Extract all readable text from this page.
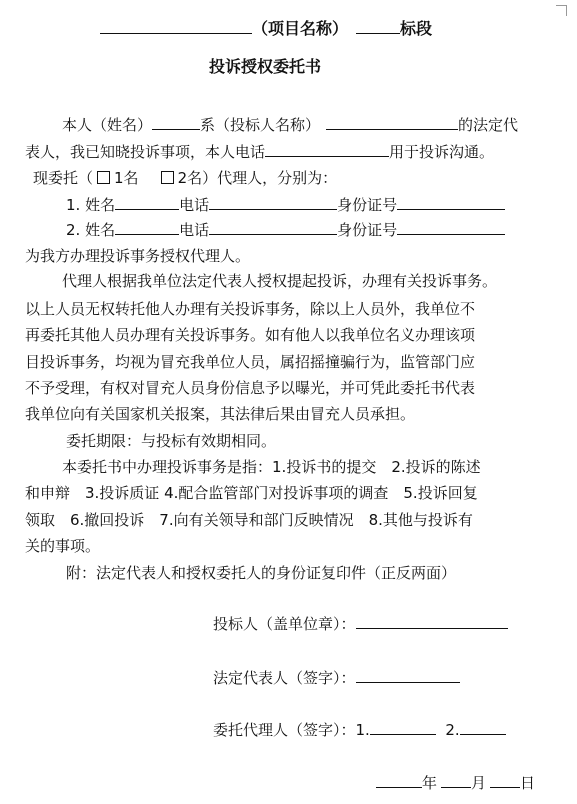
（项目名称）	标段
投诉授权委托书
本人（姓名）	系（投标人名称）	的法定代
表人，我已知晓投诉事项，本人电话	用于投诉沟通。
现委托（ 1名	2名）代理人，分别为：
1. 姓名	电话	身份证号
2. 姓名	电话	身份证号
为我方办理投诉事务授权代理人。
代理人根据我单位法定代表人授权提起投诉，办理有关投诉事务。
以上人员无权转托他人办理有关投诉事务，除以上人员外，我单位不
再委托其他人员办理有关投诉事务。如有他人以我单位名义办理该项
目投诉事务，均视为冒充我单位人员，属招摇撞骗行为，监管部门应
不予受理，有权对冒充人员身份信息予以曝光，并可凭此委托书代表
我单位向有关国家机关报案，其法律后果由冒充人员承担。
委托期限：与投标有效期相同。
本委托书中办理投诉事务是指：1.投诉书的提交　2.投诉的陈述
和申辩　3.投诉质证 4.配合监管部门对投诉事项的调查　5.投诉回复
领取　6.撤回投诉　7.向有关领导和部门反映情况　8.其他与投诉有
关的事项。
附：法定代表人和授权委托人的身份证复印件（正反两面）
投标人（盖单位章）：
法定代表人（签字）：
委托代理人（签字）：1.	2.
年 月 日
